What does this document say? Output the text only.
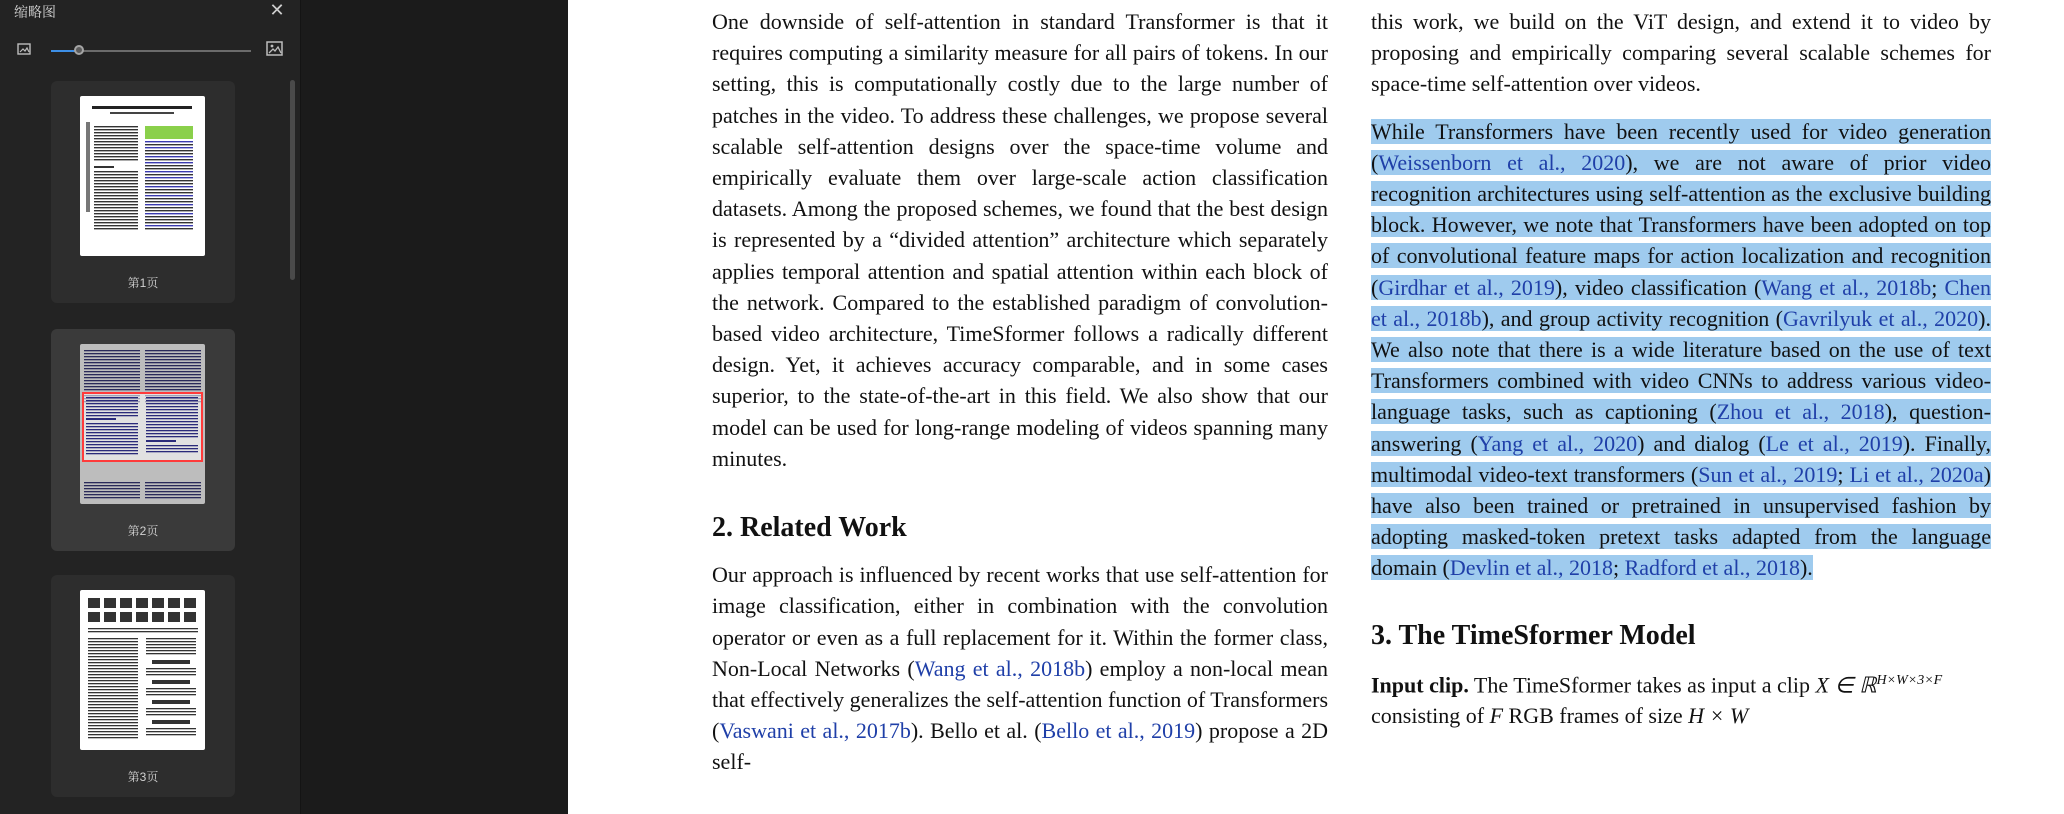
缩略图	✕
第1页
第2页
第3页

One downside of self-attention in standard Transformer is that it requires computing a similarity measure for all pairs of tokens. In our setting, this is computationally costly due to the large number of patches in the video. To address these challenges, we propose several scalable self-attention designs over the space-time volume and empirically evaluate them over large-scale action classification datasets. Among the proposed schemes, we found that the best design is represented by a “divided attention” architecture which separately applies temporal attention and spatial attention within each block of the network. Compared to the established paradigm of convolution-based video architecture, TimeSformer follows a radically different design. Yet, it achieves accuracy comparable, and in some cases superior, to the state-of-the-art in this field. We also show that our model can be used for long-range modeling of videos spanning many minutes.

2. Related Work

Our approach is influenced by recent works that use self-attention for image classification, either in combination with the convolution operator or even as a full replacement for it. Within the former class, Non-Local Networks (Wang et al., 2018b) employ a non-local mean that effectively generalizes the self-attention function of Transformers (Vaswani et al., 2017b). Bello et al. (Bello et al., 2019) propose a 2D self-

this work, we build on the ViT design, and extend it to video by proposing and empirically comparing several scalable schemes for space-time self-attention over videos.

While Transformers have been recently used for video generation (Weissenborn et al., 2020), we are not aware of prior video recognition architectures using self-attention as the exclusive building block. However, we note that Transformers have been adopted on top of convolutional feature maps for action localization and recognition (Girdhar et al., 2019), video classification (Wang et al., 2018b; Chen et al., 2018b), and group activity recognition (Gavrilyuk et al., 2020). We also note that there is a wide literature based on the use of text Transformers combined with video CNNs to address various video-language tasks, such as captioning (Zhou et al., 2018), question-answering (Yang et al., 2020) and dialog (Le et al., 2019). Finally, multimodal video-text transformers (Sun et al., 2019; Li et al., 2020a) have also been trained or pretrained in unsupervised fashion by adopting masked-token pretext tasks adapted from the language domain (Devlin et al., 2018; Radford et al., 2018).

3. The TimeSformer Model

Input clip. The TimeSformer takes as input a clip X ∈ ℝ$^{H\times W\times 3\times F}$ consisting of F RGB frames of size H × W
